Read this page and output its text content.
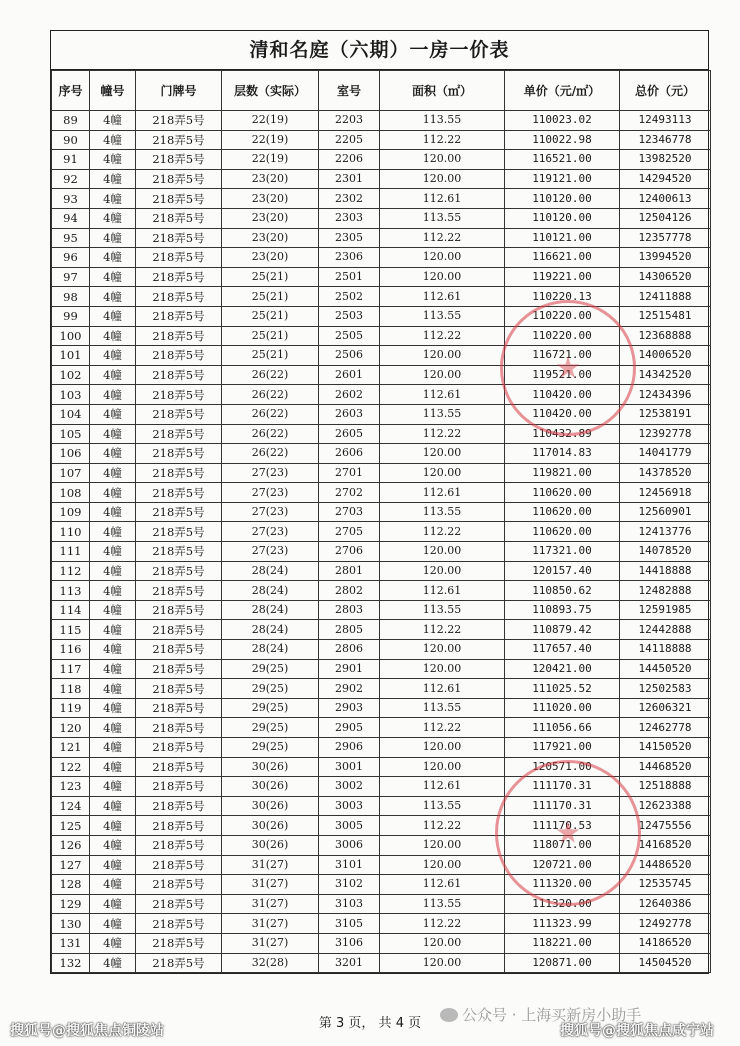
清和名庭（六期）一房一价表
序号	幢号	门牌号	层数（实际）	室号	面积（㎡）	单价（元/㎡）	总价（元）
89	4幢	218弄5号	22(19)	2203	113.55	110023.02	12493113
90	4幢	218弄5号	22(19)	2205	112.22	110022.98	12346778
91	4幢	218弄5号	22(19)	2206	120.00	116521.00	13982520
92	4幢	218弄5号	23(20)	2301	120.00	119121.00	14294520
93	4幢	218弄5号	23(20)	2302	112.61	110120.00	12400613
94	4幢	218弄5号	23(20)	2303	113.55	110120.00	12504126
95	4幢	218弄5号	23(20)	2305	112.22	110121.00	12357778
96	4幢	218弄5号	23(20)	2306	120.00	116621.00	13994520
97	4幢	218弄5号	25(21)	2501	120.00	119221.00	14306520
98	4幢	218弄5号	25(21)	2502	112.61	110220.13	12411888
99	4幢	218弄5号	25(21)	2503	113.55	110220.00	12515481
100	4幢	218弄5号	25(21)	2505	112.22	110220.00	12368888
101	4幢	218弄5号	25(21)	2506	120.00	116721.00	14006520
102	4幢	218弄5号	26(22)	2601	120.00	119521.00	14342520
103	4幢	218弄5号	26(22)	2602	112.61	110420.00	12434396
104	4幢	218弄5号	26(22)	2603	113.55	110420.00	12538191
105	4幢	218弄5号	26(22)	2605	112.22	110432.89	12392778
106	4幢	218弄5号	26(22)	2606	120.00	117014.83	14041779
107	4幢	218弄5号	27(23)	2701	120.00	119821.00	14378520
108	4幢	218弄5号	27(23)	2702	112.61	110620.00	12456918
109	4幢	218弄5号	27(23)	2703	113.55	110620.00	12560901
110	4幢	218弄5号	27(23)	2705	112.22	110620.00	12413776
111	4幢	218弄5号	27(23)	2706	120.00	117321.00	14078520
112	4幢	218弄5号	28(24)	2801	120.00	120157.40	14418888
113	4幢	218弄5号	28(24)	2802	112.61	110850.62	12482888
114	4幢	218弄5号	28(24)	2803	113.55	110893.75	12591985
115	4幢	218弄5号	28(24)	2805	112.22	110879.42	12442888
116	4幢	218弄5号	28(24)	2806	120.00	117657.40	14118888
117	4幢	218弄5号	29(25)	2901	120.00	120421.00	14450520
118	4幢	218弄5号	29(25)	2902	112.61	111025.52	12502583
119	4幢	218弄5号	29(25)	2903	113.55	111020.00	12606321
120	4幢	218弄5号	29(25)	2905	112.22	111056.66	12462778
121	4幢	218弄5号	29(25)	2906	120.00	117921.00	14150520
122	4幢	218弄5号	30(26)	3001	120.00	120571.00	14468520
123	4幢	218弄5号	30(26)	3002	112.61	111170.31	12518888
124	4幢	218弄5号	30(26)	3003	113.55	111170.31	12623388
125	4幢	218弄5号	30(26)	3005	112.22	111170.53	12475556
126	4幢	218弄5号	30(26)	3006	120.00	118071.00	14168520
127	4幢	218弄5号	31(27)	3101	120.00	120721.00	14486520
128	4幢	218弄5号	31(27)	3102	112.61	111320.00	12535745
129	4幢	218弄5号	31(27)	3103	113.55	111320.00	12640386
130	4幢	218弄5号	31(27)	3105	112.22	111323.99	12492778
131	4幢	218弄5号	31(27)	3106	120.00	118221.00	14186520
132	4幢	218弄5号	32(28)	3201	120.00	120871.00	14504520
第 3 页， 共 4 页	公众号 · 上海买新房小助手
搜狐号@搜狐焦点铜陵站	搜狐号@搜狐焦点咸宁站
